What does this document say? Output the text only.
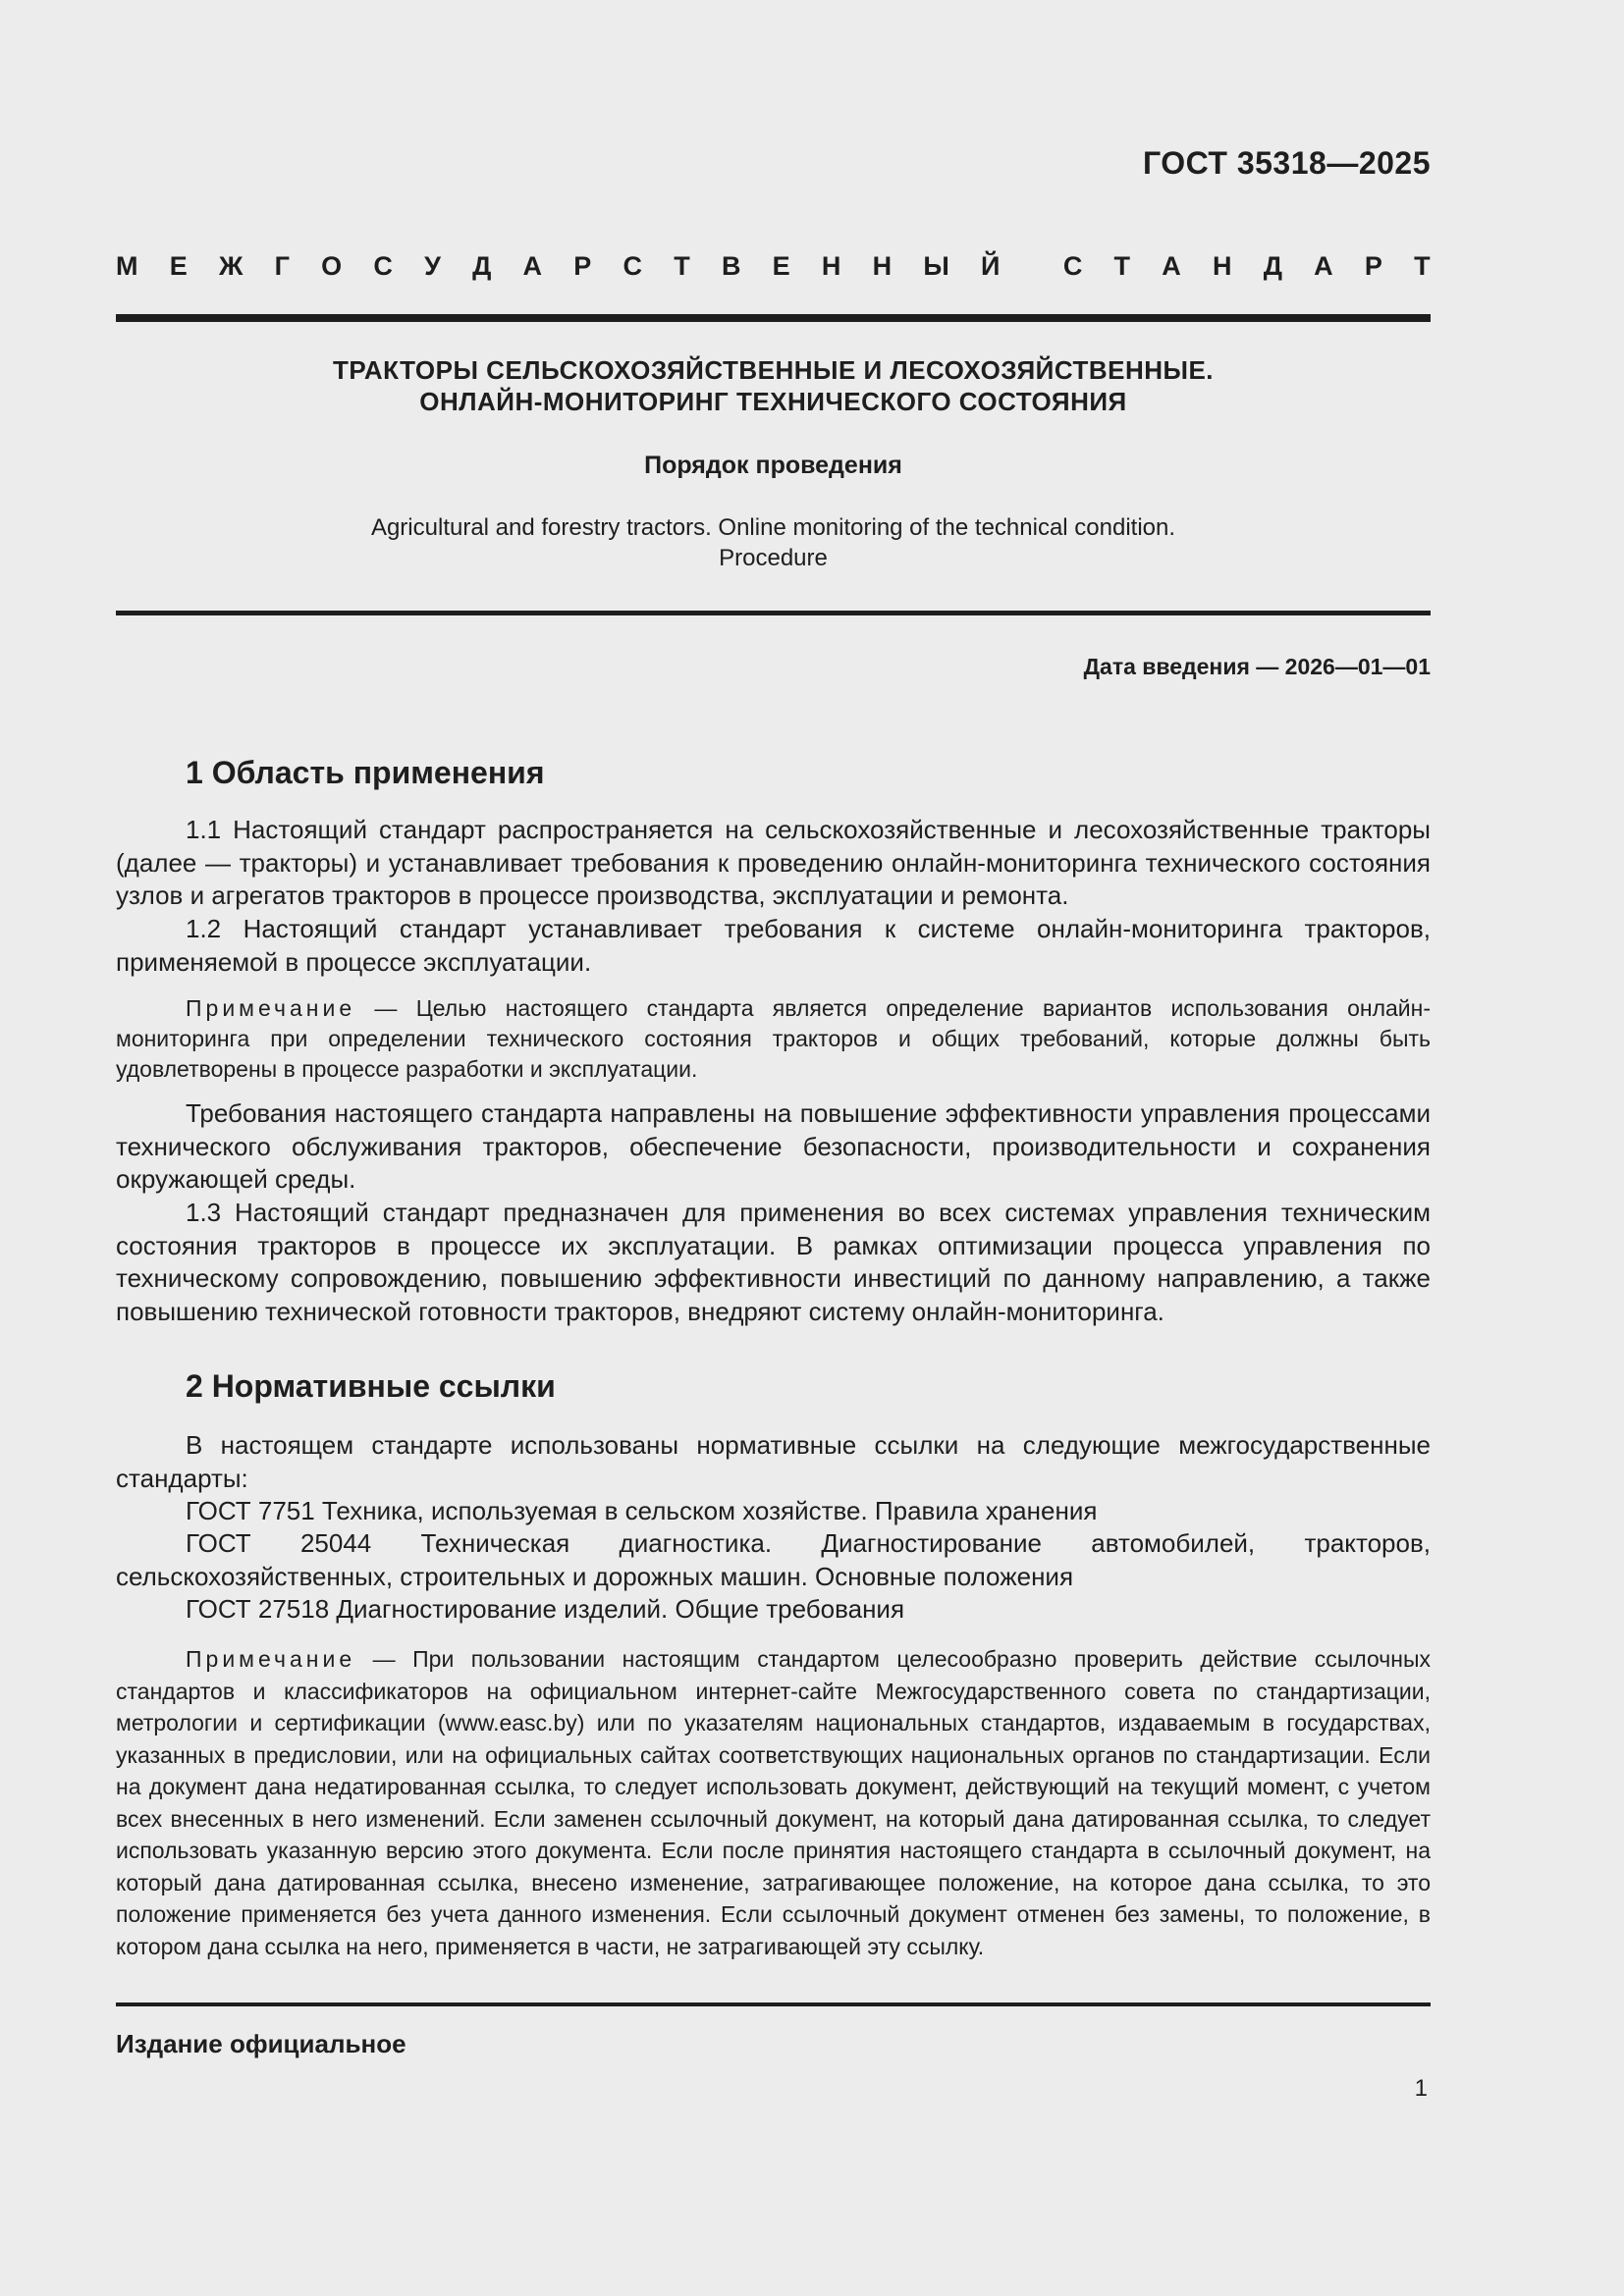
ГОСТ 35318—2025
М Е Ж Г О С У Д А Р С Т В Е Н Н Ы Й С Т А Н Д А Р Т
ТРАКТОРЫ СЕЛЬСКОХОЗЯЙСТВЕННЫЕ И ЛЕСОХОЗЯЙСТВЕННЫЕ.
ОНЛАЙН-МОНИТОРИНГ ТЕХНИЧЕСКОГО СОСТОЯНИЯ
Порядок проведения
Agricultural and forestry tractors. Online monitoring of the technical condition.
Procedure
Дата введения — 2026—01—01
1 Область применения

1.1 Настоящий стандарт распространяется на сельскохозяйственные и лесохозяйственные тракторы (далее — тракторы) и устанавливает требования к проведению онлайн-мониторинга технического состояния узлов и агрегатов тракторов в процессе производства, эксплуатации и ремонта.

1.2 Настоящий стандарт устанавливает требования к системе онлайн-мониторинга тракторов, применяемой в процессе эксплуатации.

Примечание — Целью настоящего стандарта является определение вариантов использования онлайн-мониторинга при определении технического состояния тракторов и общих требований, которые должны быть удовлетворены в процессе разработки и эксплуатации.

Требования настоящего стандарта направлены на повышение эффективности управления процессами технического обслуживания тракторов, обеспечение безопасности, производительности и сохранения окружающей среды.

1.3 Настоящий стандарт предназначен для применения во всех системах управления техническим состояния тракторов в процессе их эксплуатации. В рамках оптимизации процесса управления по техническому сопровождению, повышению эффективности инвестиций по данному направлению, а также повышению технической готовности тракторов, внедряют систему онлайн-мониторинга.

2 Нормативные ссылки

В настоящем стандарте использованы нормативные ссылки на следующие межгосударственные стандарты:

ГОСТ 7751 Техника, используемая в сельском хозяйстве. Правила хранения

ГОСТ 25044 Техническая диагностика. Диагностирование автомобилей, тракторов, сельскохозяйственных, строительных и дорожных машин. Основные положения

ГОСТ 27518 Диагностирование изделий. Общие требования

Примечание — При пользовании настоящим стандартом целесообразно проверить действие ссылочных стандартов и классификаторов на официальном интернет-сайте Межгосударственного совета по стандартизации, метрологии и сертификации (www.easc.by) или по указателям национальных стандартов, издаваемым в государствах, указанных в предисловии, или на официальных сайтах соответствующих национальных органов по стандартизации. Если на документ дана недатированная ссылка, то следует использовать документ, действующий на текущий момент, с учетом всех внесенных в него изменений. Если заменен ссылочный документ, на который дана датированная ссылка, то следует использовать указанную версию этого документа. Если после принятия настоящего стандарта в ссылочный документ, на который дана датированная ссылка, внесено изменение, затрагивающее положение, на которое дана ссылка, то это положение применяется без учета данного изменения. Если ссылочный документ отменен без замены, то положение, в котором дана ссылка на него, применяется в части, не затрагивающей эту ссылку.

Издание официальное
1
